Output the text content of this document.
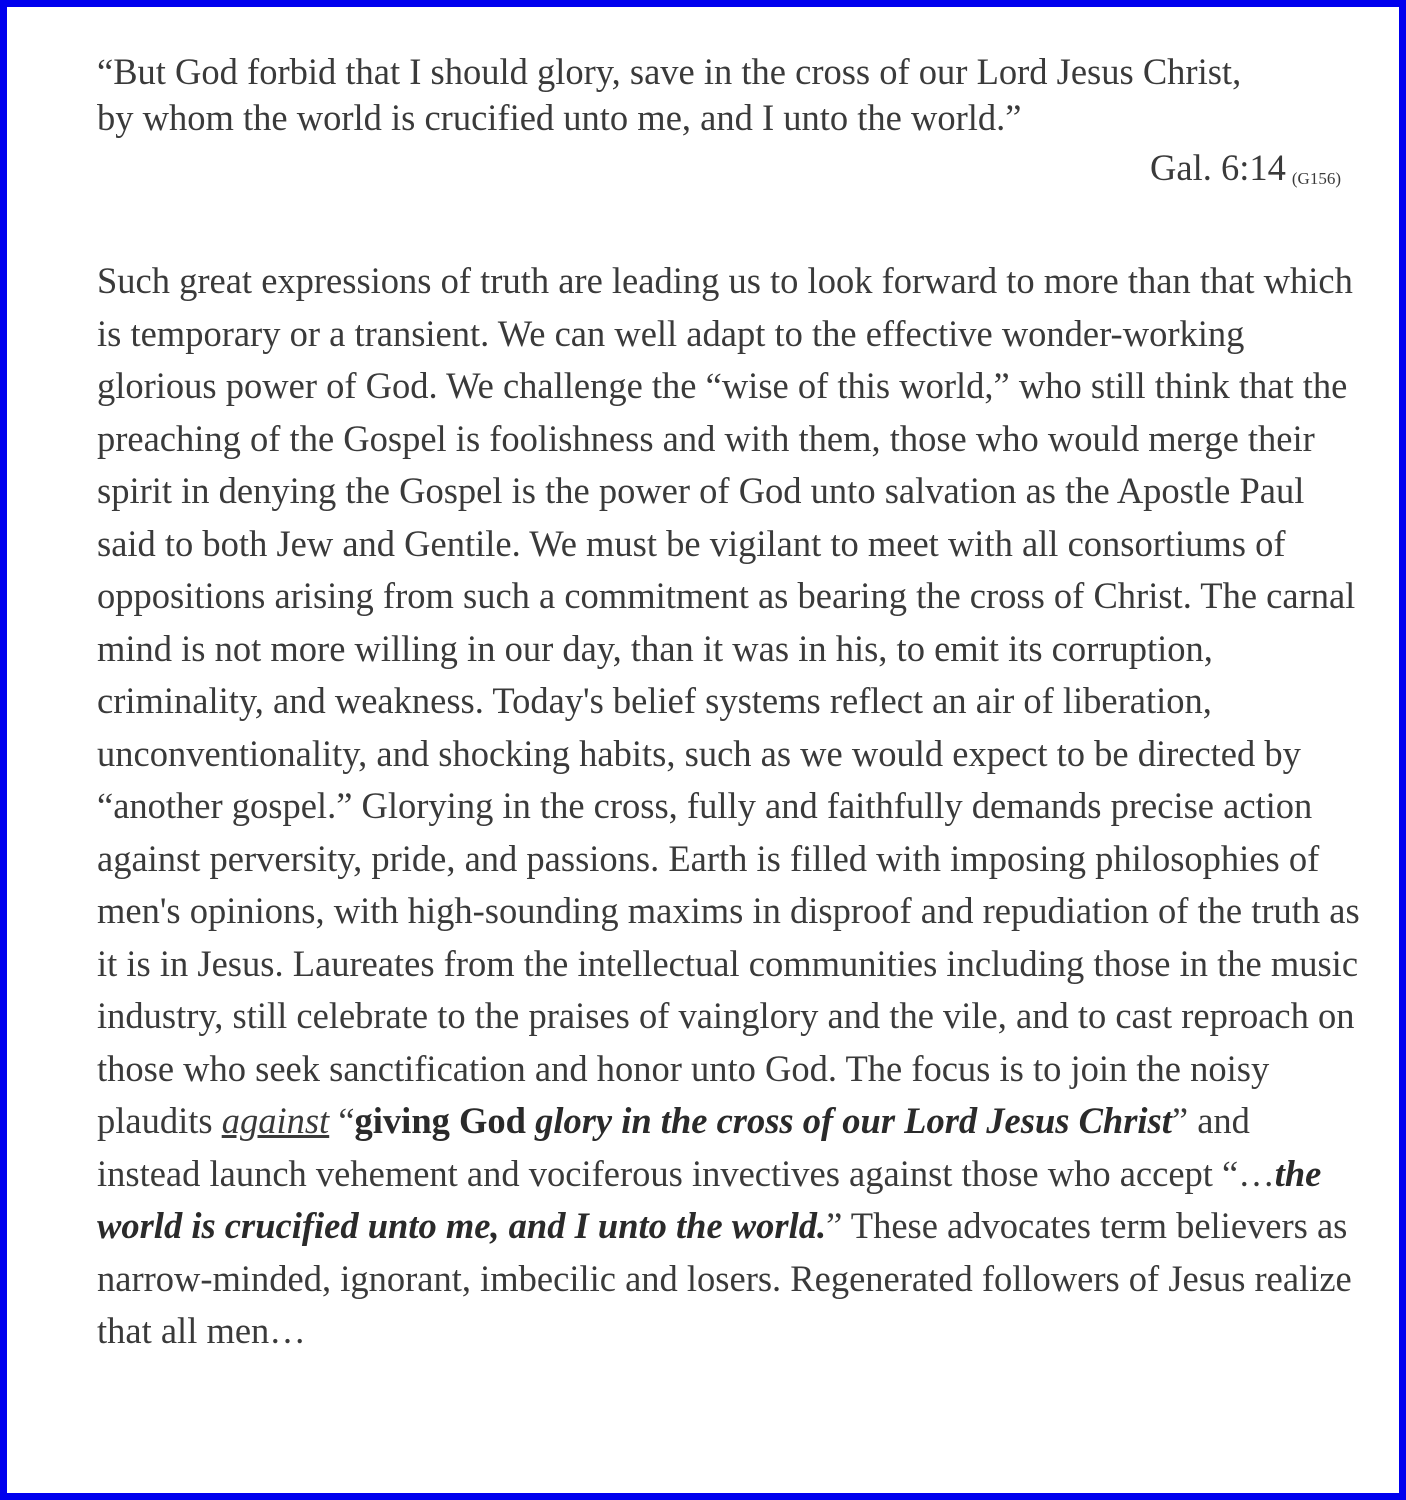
“But God forbid that I should glory, save in the cross of our Lord Jesus Christ, by whom the world is crucified unto me, and I unto the world.”

Gal. 6:14 (G156)

Such great expressions of truth are leading us to look forward to more than that which is temporary or a transient. We can well adapt to the effective wonder-working glorious power of God. We challenge the “wise of this world,” who still think that the preaching of the Gospel is foolishness and with them, those who would merge their spirit in denying the Gospel is the power of God unto salvation as the Apostle Paul said to both Jew and Gentile. We must be vigilant to meet with all consortiums of oppositions arising from such a commitment as bearing the cross of Christ. The carnal mind is not more willing in our day, than it was in his, to emit its corruption, criminality, and weakness. Today's belief systems reflect an air of liberation, unconventionality, and shocking habits, such as we would expect to be directed by “another gospel.” Glorying in the cross, fully and faithfully demands precise action against perversity, pride, and passions. Earth is filled with imposing philosophies of men's opinions, with high-sounding maxims in disproof and repudiation of the truth as it is in Jesus. Laureates from the intellectual communities including those in the music industry, still celebrate to the praises of vainglory and the vile, and to cast reproach on those who seek sanctification and honor unto God. The focus is to join the noisy plaudits against “giving God glory in the cross of our Lord Jesus Christ” and instead launch vehement and vociferous invectives against those who accept “…the world is crucified unto me, and I unto the world.” These advocates term believers as narrow-minded, ignorant, imbecilic and losers. Regenerated followers of Jesus realize that all men…
